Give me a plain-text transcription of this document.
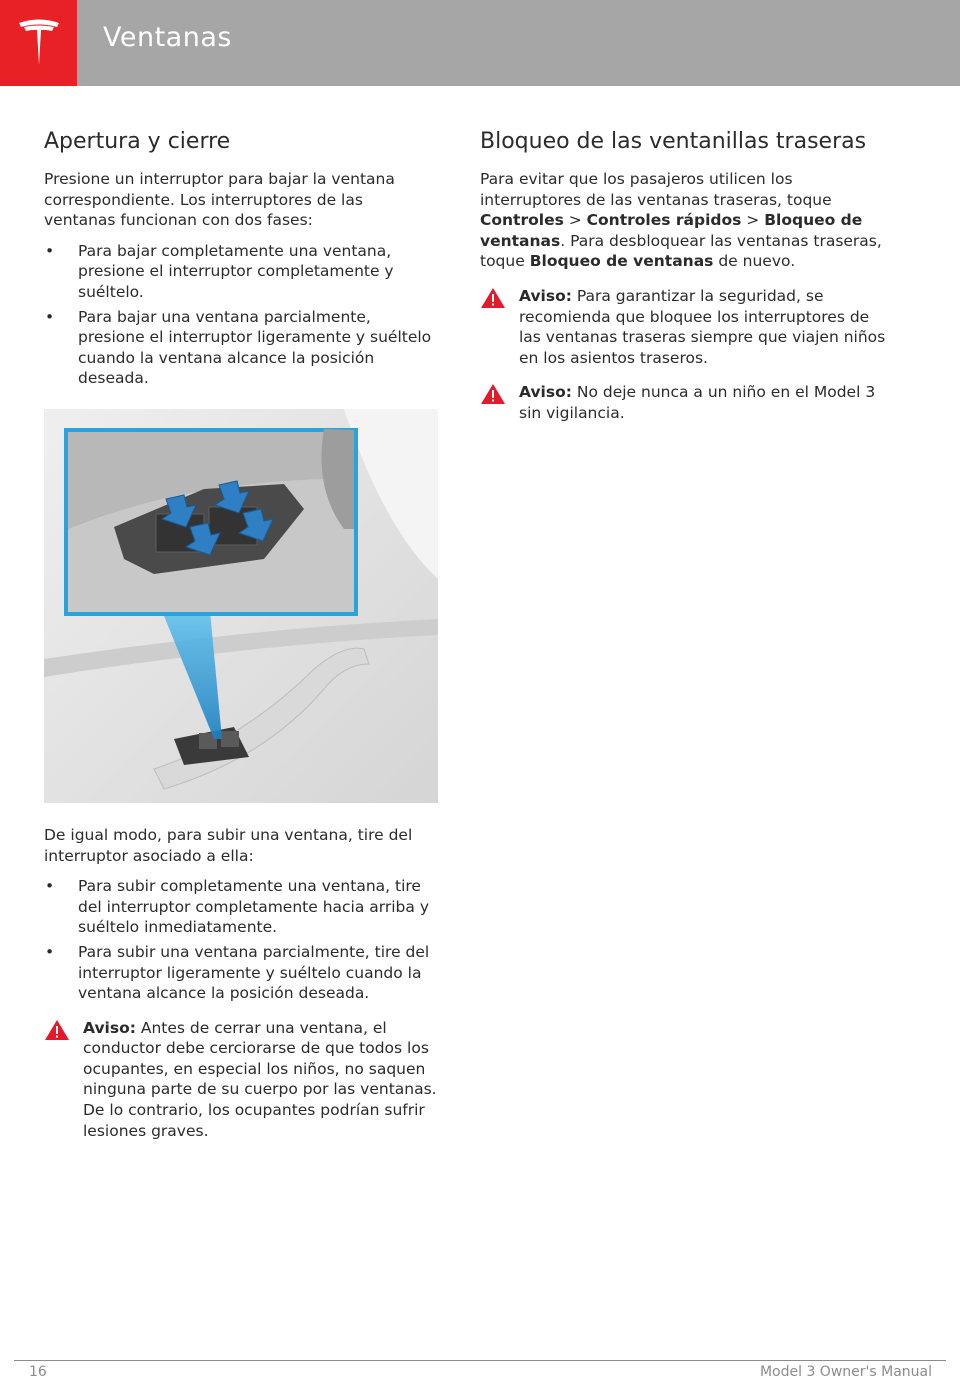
Ventanas
Apertura y cierre

Presione un interruptor para bajar la ventana correspondiente. Los interruptores de las ventanas funcionan con dos fases:

• Para bajar completamente una ventana, presione el interruptor completamente y suéltelo.
• Para bajar una ventana parcialmente, presione el interruptor ligeramente y suéltelo cuando la ventana alcance la posición deseada.

De igual modo, para subir una ventana, tire del interruptor asociado a ella:

• Para subir completamente una ventana, tire del interruptor completamente hacia arriba y suéltelo inmediatamente.
• Para subir una ventana parcialmente, tire del interruptor ligeramente y suéltelo cuando la ventana alcance la posición deseada.
Aviso: Antes de cerrar una ventana, el conductor debe cerciorarse de que todos los ocupantes, en especial los niños, no saquen ninguna parte de su cuerpo por las ventanas. De lo contrario, los ocupantes podrían sufrir lesiones graves.
Bloqueo de las ventanillas traseras

Para evitar que los pasajeros utilicen los interruptores de las ventanas traseras, toque Controles > Controles rápidos > Bloqueo de ventanas. Para desbloquear las ventanas traseras, toque Bloqueo de ventanas de nuevo.

Aviso: Para garantizar la seguridad, se recomienda que bloquee los interruptores de las ventanas traseras siempre que viajen niños en los asientos traseros.
Aviso: No deje nunca a un niño en el Model 3 sin vigilancia.
16	Model 3 Owner's Manual
